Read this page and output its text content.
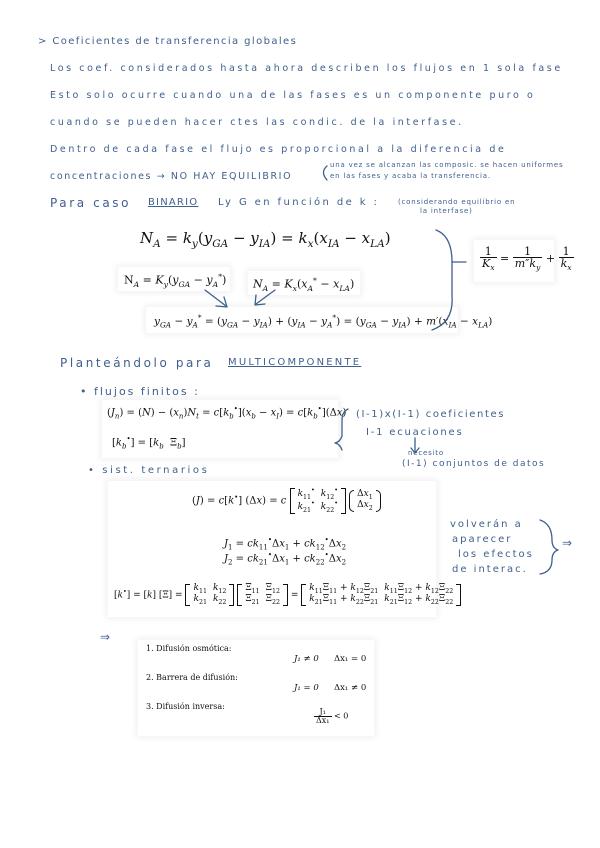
> Coeficientes de transferencia globales
Los coef. considerados hasta ahora describen los flujos en 1 sola fase
Esto solo ocurre cuando una de las fases es un componente puro o
cuando se pueden hacer ctes las condic. de la interfase.
Dentro de cada fase el flujo es proporcional a la diferencia de
concentraciones → NO HAY EQUILIBRIO
una vez se alcanzan las composic. se hacen uniformes
en las fases y acaba la transferencia.
Para caso BINARIO Ly G en función de k :	(considerando equilibrio en
la interfase)
$N_A = k_y(y_{GA} - y_{IA}) = k_x(x_{IA} - x_{LA})$
$N_A = K_y(y_{GA} - y_A^*) N_A = K_x(x_A^* - x_{LA})$
$y_{GA} - y_A^* = (y_{GA} - y_{IA}) + (y_{IA} - y_A^*) = (y_{GA} - y_{IA}) + m'(x_{IA} - x_{LA})$
$\frac{1}{K_x} = \frac{1}{m''k_y} + \frac{1}{k_x}$
Planteándolo para MULTICOMPONENTE
• flujos finitos :
$(J_n) = (N) - (x_n)N_t = c[k_b^•](x_b - x_I) = c[k_b^•](\Delta x)$
$[k_b^•] = [k_b$  $\Xi_b$]
(I-1)x(I-1) coeficientes
I-1 ecuaciones
necesito
(I-1) conjuntos de datos
• sist. ternarios
(J) = c[k•] (Δx) = c
$k_{11}^•$	$k_{12}^•$
$k_{21}^•$	$k_{22}^•$

$\Delta x_1$
$\Delta x_2$
$J_1 = ck_{11}^•\Delta x_1 + ck_{12}^•\Delta x_2$
$J_2 = ck_{21}^•\Delta x_1 + ck_{22}^•\Delta x_2$
[k•] = [k] [Ξ] =
$k_{11}$	$k_{12}$
$k_{21}$	$k_{22}$

$\Xi_{11}$	$\Xi_{12}$
$\Xi_{21}$	$\Xi_{22}$
=
$k_{11}\Xi_{11} + k_{12}\Xi_{21}$	$k_{11}\Xi_{12} + k_{12}\Xi_{22}$
$k_{21}\Xi_{11} + k_{22}\Xi_{21}$	$k_{21}\Xi_{12} + k_{22}\Xi_{22}$
volverán a
aparecer
los efectos
de interac.
⇒
⇒
1. Difusión osmótica:
J₁ ≠ 0 Δx₁ = 0
2. Barrera de difusión:
J₁ = 0 Δx₁ ≠ 0
3. Difusión inversa:
$\frac{\text{J₁}}{\text{Δx₁}} < 0$
